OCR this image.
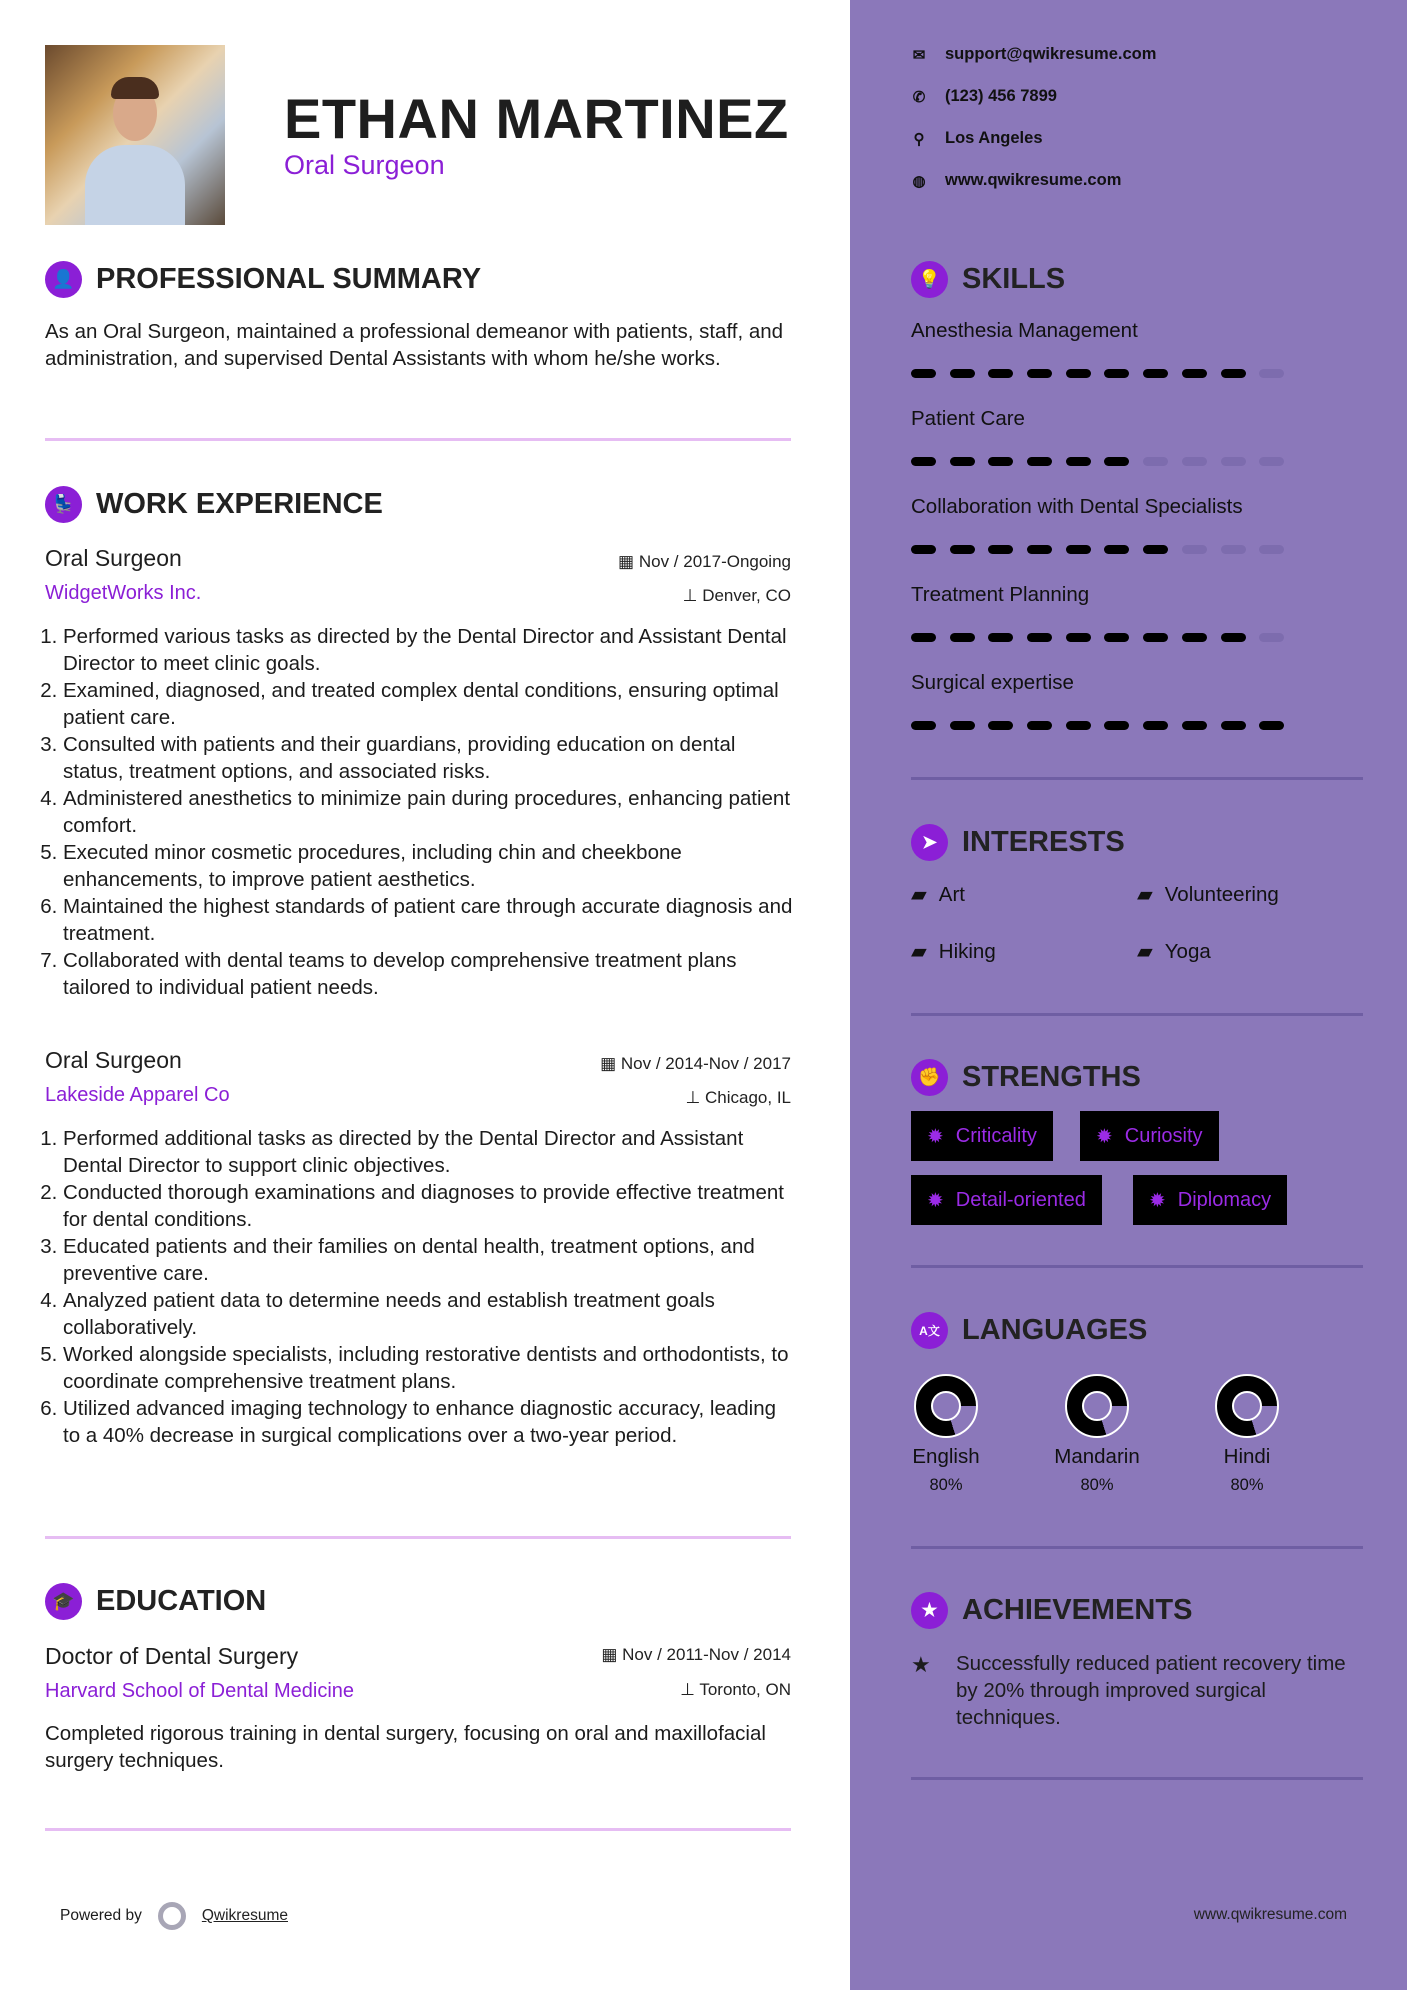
ETHAN MARTINEZ
Oral Surgeon
👤 PROFESSIONAL SUMMARY
As an Oral Surgeon, maintained a professional demeanor with patients, staff, and administration, and supervised Dental Assistants with whom he/she works.
💺 WORK EXPERIENCE
Oral Surgeon	▦ Nov / 2017-Ongoing
WidgetWorks Inc.	⊥ Denver, CO
1. Performed various tasks as directed by the Dental Director and Assistant Dental Director to meet clinic goals.
2. Examined, diagnosed, and treated complex dental conditions, ensuring optimal patient care.
3. Consulted with patients and their guardians, providing education on dental status, treatment options, and associated risks.
4. Administered anesthetics to minimize pain during procedures, enhancing patient comfort.
5. Executed minor cosmetic procedures, including chin and cheekbone enhancements, to improve patient aesthetics.
6. Maintained the highest standards of patient care through accurate diagnosis and treatment.
7. Collaborated with dental teams to develop comprehensive treatment plans tailored to individual patient needs.
Oral Surgeon	▦ Nov / 2014-Nov / 2017
Lakeside Apparel Co	⊥ Chicago, IL
1. Performed additional tasks as directed by the Dental Director and Assistant Dental Director to support clinic objectives.
2. Conducted thorough examinations and diagnoses to provide effective treatment for dental conditions.
3. Educated patients and their families on dental health, treatment options, and preventive care.
4. Analyzed patient data to determine needs and establish treatment goals collaboratively.
5. Worked alongside specialists, including restorative dentists and orthodontists, to coordinate comprehensive treatment plans.
6. Utilized advanced imaging technology to enhance diagnostic accuracy, leading to a 40% decrease in surgical complications over a two-year period.
🎓 EDUCATION
Doctor of Dental Surgery	▦ Nov / 2011-Nov / 2014
Harvard School of Dental Medicine	⊥ Toronto, ON
Completed rigorous training in dental surgery, focusing on oral and maxillofacial surgery techniques.
Powered by	Qwikresume
✉ support@qwikresume.com
✆ (123) 456 7899
⚲ Los Angeles
◍ www.qwikresume.com
💡 SKILLS
Anesthesia Management
Patient Care
Collaboration with Dental Specialists
Treatment Planning
Surgical expertise
➤ INTERESTS
▰ Art	▰ Volunteering
▰ Hiking	▰ Yoga
✊ STRENGTHS
✹ Criticality	✹ Curiosity
✹ Detail-oriented	✹ Diplomacy
A文 LANGUAGES
English
80%
Mandarin
80%
Hindi
80%
★ ACHIEVEMENTS
★ Successfully reduced patient recovery time by 20% through improved surgical techniques.
www.qwikresume.com
